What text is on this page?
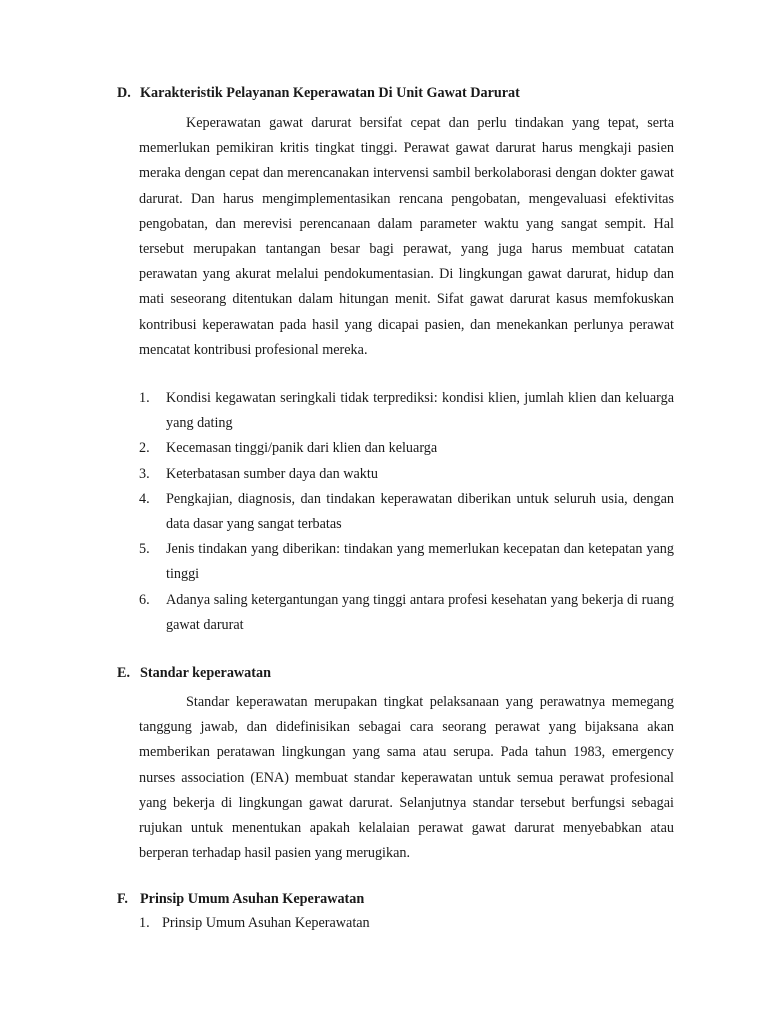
D. Karakteristik Pelayanan Keperawatan Di Unit Gawat Darurat

Keperawatan gawat darurat bersifat cepat dan perlu tindakan yang tepat, serta memerlukan pemikiran kritis tingkat tinggi. Perawat gawat darurat harus mengkaji pasien meraka dengan cepat dan merencanakan intervensi sambil berkolaborasi dengan dokter gawat darurat. Dan harus mengimplementasikan rencana pengobatan, mengevaluasi efektivitas pengobatan, dan merevisi perencanaan dalam parameter waktu yang sangat sempit. Hal tersebut merupakan tantangan besar bagi perawat, yang juga harus membuat catatan perawatan yang akurat melalui pendokumentasian. Di lingkungan gawat darurat, hidup dan mati seseorang ditentukan dalam hitungan menit. Sifat gawat darurat kasus memfokuskan kontribusi keperawatan pada hasil yang dicapai pasien, dan menekankan perlunya perawat mencatat kontribusi profesional mereka.

1. Kondisi kegawatan seringkali tidak terprediksi: kondisi klien, jumlah klien dan keluarga yang dating
2. Kecemasan tinggi/panik dari klien dan keluarga
3. Keterbatasan sumber daya dan waktu
4. Pengkajian, diagnosis, dan tindakan keperawatan diberikan untuk seluruh usia, dengan data dasar yang sangat terbatas
5. Jenis tindakan yang diberikan: tindakan yang memerlukan kecepatan dan ketepatan yang tinggi
6. Adanya saling ketergantungan yang tinggi antara profesi kesehatan yang bekerja di ruang gawat darurat
E. Standar keperawatan

Standar keperawatan merupakan tingkat pelaksanaan yang perawatnya memegang tanggung jawab, dan didefinisikan sebagai cara seorang perawat yang bijaksana akan memberikan peratawan lingkungan yang sama atau serupa. Pada tahun 1983, emergency nurses association (ENA) membuat standar keperawatan untuk semua perawat profesional yang bekerja di lingkungan gawat darurat. Selanjutnya standar tersebut berfungsi sebagai rujukan untuk menentukan apakah kelalaian perawat gawat darurat menyebabkan atau berperan terhadap hasil pasien yang merugikan.

F. Prinsip Umum Asuhan Keperawatan
1. Prinsip Umum Asuhan Keperawatan
